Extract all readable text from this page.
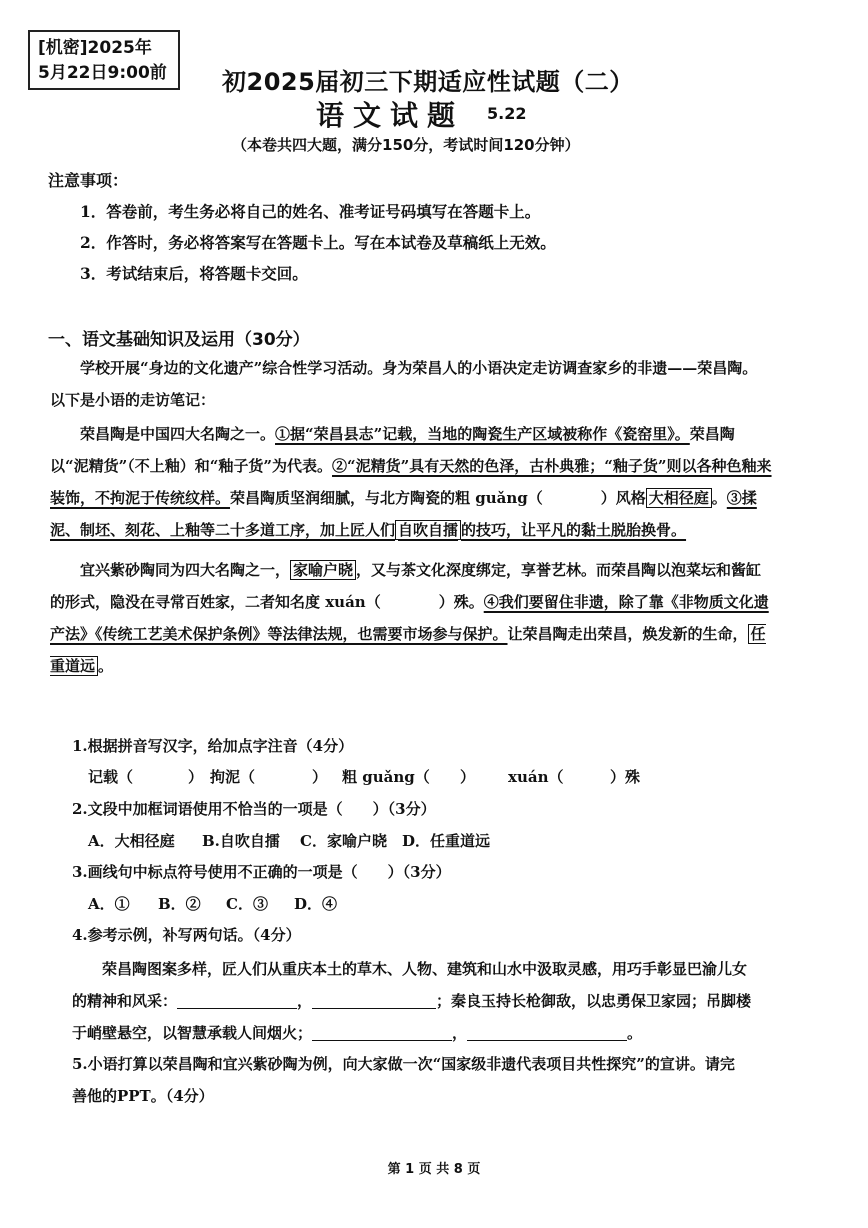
[机密]2025年
5月22日9:00前	初2025届初三下期适应性试题（二）
语文试题 5.22
（本卷共四大题，满分150分，考试时间120分钟）
注意事项：
1．答卷前，考生务必将自己的姓名、准考证号码填写在答题卡上。
2．作答时，务必将答案写在答题卡上。写在本试卷及草稿纸上无效。
3．考试结束后，将答题卡交回。
一、语文基础知识及运用（30分）

学校开展“身边的文化遗产”综合性学习活动。身为荣昌人的小语决定走访调查家乡的非遗——荣昌陶。以下是小语的走访笔记：

荣昌陶是中国四大名陶之一。①据“荣昌县志”记载，当地的陶瓷生产区域被称作《瓷窑里》。荣昌陶以“泥精货”（不上釉）和“釉子货”为代表。②“泥精货”具有天然的色泽，古朴典雅；“釉子货”则以各种色釉来装饰，不拘泥于传统纹样。荣昌陶质坚润细腻，与北方陶瓷的粗 guǎng（	）风格 大相径庭 。③揉泥、制坯、刻花、上釉等二十多道工序，加上匠人们 自吹自擂 的技巧，让平凡的黏土脱胎换骨。

宜兴紫砂陶同为四大名陶之一， 家喻户晓 ，又与茶文化深度绑定，享誉艺林。而荣昌陶以泡菜坛和酱缸的形式，隐没在寻常百姓家，二者知名度 xuán（	）殊。④我们要留住非遗，除了靠《非物质文化遗产法》《传统工艺美术保护条例》等法律法规，也需要市场参与保护。让荣昌陶走出荣昌，焕发新的生命， 任重道远 。

1.根据拼音写汉字，给加点字注音（4分）
记载（	） 拘泥（	） 粗 guǎng（ ） xuán（	）殊
2.文段中加框词语使用不恰当的一项是（　　）（3分）
A．大相径庭 B.自吹自擂 C．家喻户晓 D．任重道远
3.画线句中标点符号使用不正确的一项是（　　）（3分）
A．① B．② C．③ D．④
4.参考示例，补写两句话。（4分）
荣昌陶图案多样，匠人们从重庆本土的草木、人物、建筑和山水中汲取灵感，用巧手彰显巴渝儿女
的精神和风采：	，	；秦良玉持长枪御敌，以忠勇保卫家园；吊脚楼
于峭壁悬空，以智慧承载人间烟火；	，	。
5.小语打算以荣昌陶和宜兴紫砂陶为例，向大家做一次“国家级非遗代表项目共性探究”的宣讲。请完
善他的PPT。（4分）
第 1 页 共 8 页
